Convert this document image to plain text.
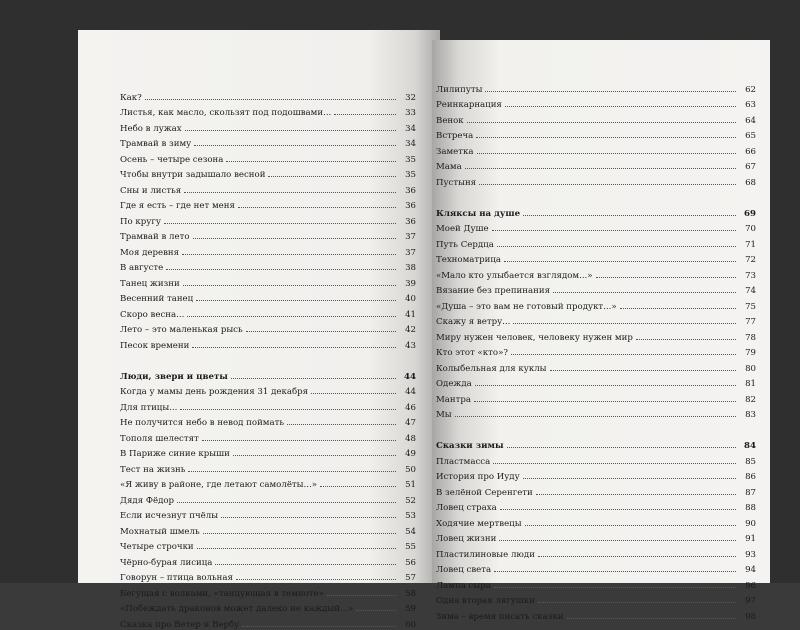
Как?	32
Листья, как масло, скользят под подошвами...	33
Небо в лужах	34
Трамвай в зиму	34
Осень – четыре сезона	35
Чтобы внутри задышало весной	35
Сны и листья	36
Где я есть – где нет меня	36
По кругу	36
Трамвай в лето	37
Моя деревня	37
В августе	38
Танец жизни	39
Весенний танец	40
Скоро весна...	41
Лето – это маленькая рысь	42
Песок времени	43
Люди, звери и цветы	44
Когда у мамы день рождения 31 декабря	44
Для птицы...	46
Не получится небо в невод поймать	47
Тополя шелестят	48
В Париже синие крыши	49
Тест на жизнь	50
«Я живу в районе, где летают самолёты...»	51
Дядя Фёдор	52
Если исчезнут пчёлы	53
Мохнатый шмель	54
Четыре строчки	55
Чёрно-бурая лисица	56
Говорун – птица вольная	57
Бегущая с волками, «танцующая в темноте»	58
«Побеждать драконов может далеко не каждый...»	59
Сказка про Ветер и Вербу	60
Лилипуты	62
Реинкарнация	63
Венок	64
Встреча	65
Заметка	66
Мама	67
Пустыня	68
Кляксы на душе	69
Моей Душе	70
Путь Сердца	71
Техноматрица	72
«Мало кто улыбается взглядом...»	73
Вязание без препинания	74
«Душа – это вам не готовый продукт...»	75
Скажу я ветру...	77
Миру нужен человек, человеку нужен мир	78
Кто этот «кто»?	79
Колыбельная для куклы	80
Одежда	81
Мантра	82
Мы	83
Сказки зимы	84
Пластмасса	85
История про Иуду	86
В зелёной Серенгети	87
Ловец страха	88
Ходячие мертвецы	90
Ловец жизни	91
Пластилиновые люди	93
Ловец света	94
Лампа сыра	96
Одна вторая лягушки	97
Зима – время писать сказки	98
